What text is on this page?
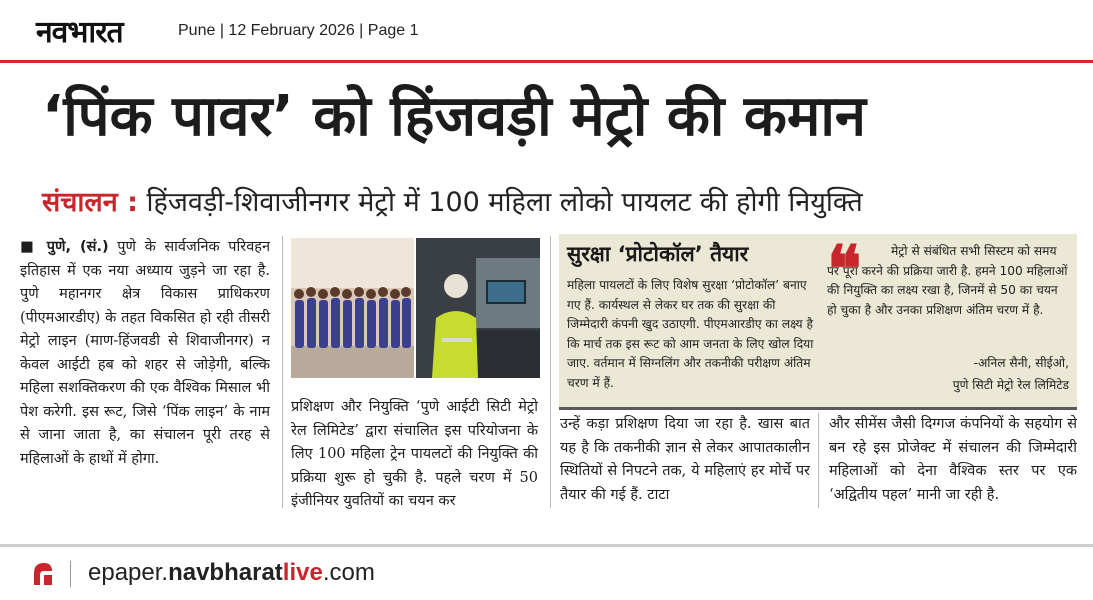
नवभारत	Pune | 12 February 2026 | Page 1
‘पिंक पावर’ को हिंजवड़ी मेट्रो की कमान
संचालन : हिंजवड़ी-शिवाजीनगर मेट्रो में 100 महिला लोको पायलट की होगी नियुक्ति
■ पुणे, (सं.) पुणे के सार्वजनिक परिवहन इतिहास में एक नया अध्याय जुड़ने जा रहा है. पुणे महानगर क्षेत्र विकास प्राधिकरण (पीएमआरडीए) के तहत विकसित हो रही तीसरी मेट्रो लाइन (माण-हिंजवडी से शिवाजीनगर) न केवल आईटी हब को शहर से जोड़ेगी, बल्कि महिला सशक्तिकरण की एक वैश्विक मिसाल भी पेश करेगी. इस रूट, जिसे ‘पिंक लाइन’ के नाम से जाना जाता है, का संचालन पूरी तरह से महिलाओं के हाथों में होगा.
प्रशिक्षण और नियुक्ति ‘पुणे आईटी सिटी मेट्रो रेल लिमिटेड’ द्वारा संचालित इस परियोजना के लिए 100 महिला ट्रेन पायलटों की नियुक्ति की प्रक्रिया शुरू हो चुकी है. पहले चरण में 50 इंजीनियर युवतियों का चयन कर
सुरक्षा ‘प्रोटोकॉल’ तैयार
महिला पायलटों के लिए विशेष सुरक्षा ‘प्रोटोकॉल’ बनाए गए हैं. कार्यस्थल से लेकर घर तक की सुरक्षा की जिम्मेदारी कंपनी खुद उठाएगी. पीएमआरडीए का लक्ष्य है कि मार्च तक इस रूट को आम जनता के लिए खोल दिया जाए. वर्तमान में सिग्नलिंग और तकनीकी परीक्षण अंतिम चरण में हैं.
❝	मेट्रो से संबंधित सभी सिस्टम को समय पर पूरा करने की प्रक्रिया जारी है. हमने 100 महिलाओं की नियुक्ति का लक्ष्य रखा है, जिनमें से 50 का चयन हो चुका है और उनका प्रशिक्षण अंतिम चरण में है.
-अनिल सैनी, सीईओ,
पुणे सिटी मेट्रो रेल लिमिटेड
उन्हें कड़ा प्रशिक्षण दिया जा रहा है. खास बात यह है कि तकनीकी ज्ञान से लेकर आपातकालीन स्थितियों से निपटने तक, ये महिलाएं हर मोर्चे पर तैयार की गई हैं. टाटा
और सीमेंस जैसी दिग्गज कंपनियों के सहयोग से बन रहे इस प्रोजेक्ट में संचालन की जिम्मेदारी महिलाओं को देना वैश्विक स्तर पर एक ‘अद्वितीय पहल’ मानी जा रही है.
epaper.navbharatlive.com
